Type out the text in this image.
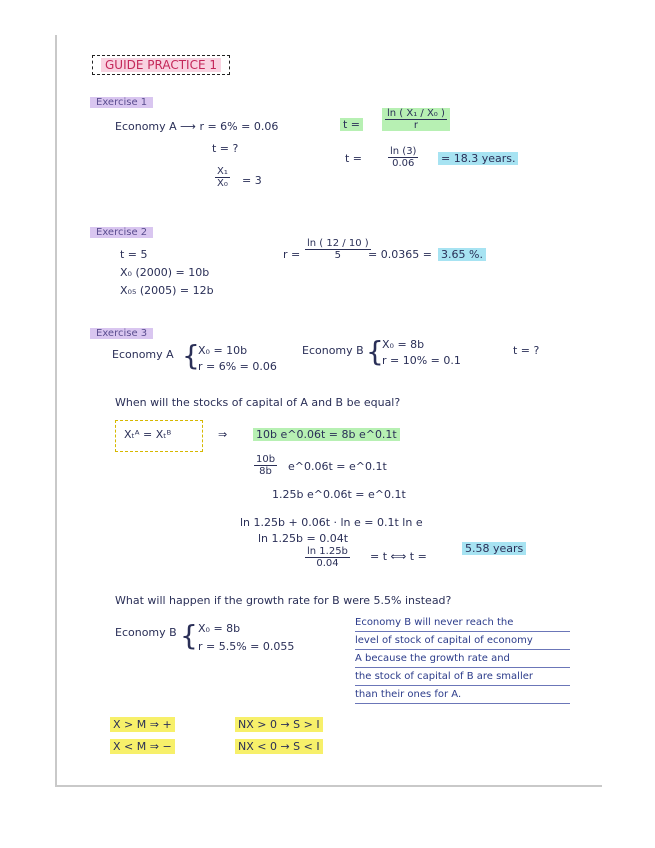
GUIDE PRACTICE 1
Exercise 1
Economy A ⟶ r = 6% = 0.06
t = ?
$\frac{\text{X₁}}{\text{X₀}} = 3$
t =	$\frac{\text{ln ( X₁ / X₀ )}}{r}$
t =	$\frac{\ln (3)}{0.06} = 18.3$ years.
Exercise 2
t = 5
X₀ (2000) = 10b
X₀₅ (2005) = 12b
$r = \frac{\ln ( 12 / 10 )}{5}$
= 0.0365 = 3.65 %.
Exercise 3
Economy A {
X₀ = 10b
r = 6% = 0.06
Economy B {
X₀ = 8b
r = 10% = 0.1
t = ?
When will the stocks of capital of A and B be equal?
Xₜᴬ = Xₜᴮ	⇒	10b e^0.06t = 8b e^0.1t
$\frac{10b}{8b}$ e^0.06t = e^0.1t
1.25b e^0.06t = e^0.1t
ln 1.25b + 0.06t · ln e = 0.1t ln e
ln 1.25b = 0.04t
$\frac{\ln 1.25b}{0.04} = t$ ⟺ t =
5.58 years
What will happen if the growth rate for B were 5.5% instead?
Economy B { X₀ = 8b
r = 5.5% = 0.055
Economy B will never reach the
level of stock of capital of economy
A because the growth rate and
the stock of capital of B are smaller
than their ones for A.
X > M ⇒ +	NX > 0 → S > I
X < M ⇒ −	NX < 0 → S < I
